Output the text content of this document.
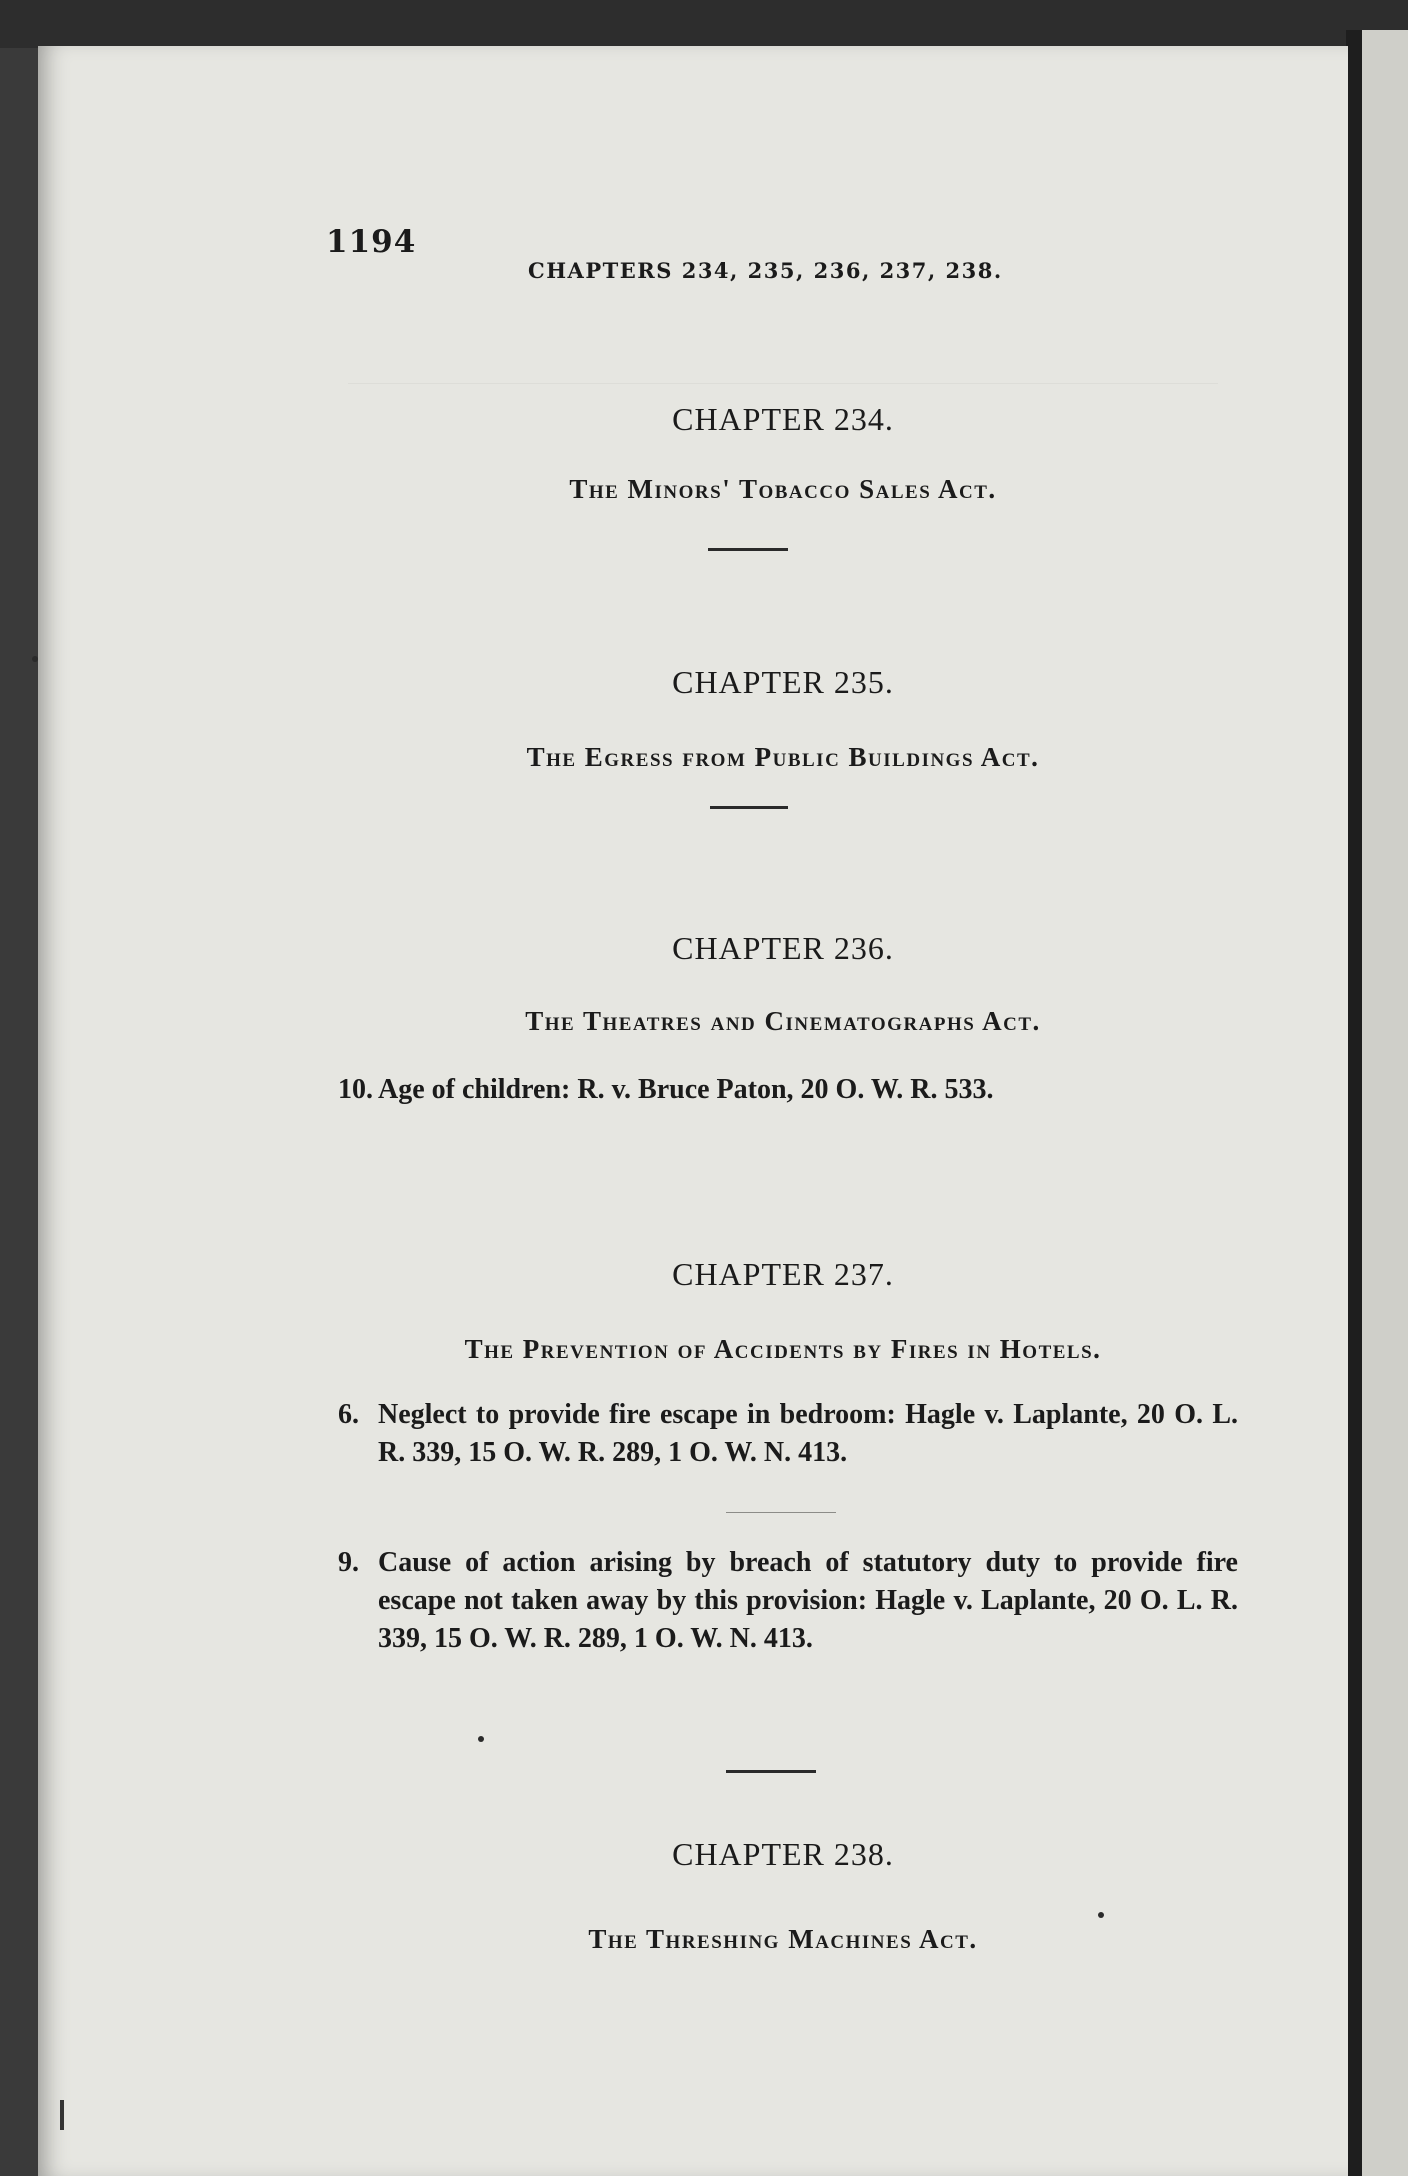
1194
CHAPTERS 234, 235, 236, 237, 238.
CHAPTER 234.
The Minors' Tobacco Sales Act.
CHAPTER 235.
The Egress from Public Buildings Act.
CHAPTER 236.
The Theatres and Cinematographs Act.
10. Age of children: R. v. Bruce Paton, 20 O. W. R. 533.
CHAPTER 237.
The Prevention of Accidents by Fires in Hotels.
6. Neglect to provide fire escape in bedroom: Hagle v. Laplante, 20 O. L. R. 339, 15 O. W. R. 289, 1 O. W. N. 413.
9. Cause of action arising by breach of statutory duty to provide fire escape not taken away by this provision: Hagle v. Laplante, 20 O. L. R. 339, 15 O. W. R. 289, 1 O. W. N. 413.
CHAPTER 238.
The Threshing Machines Act.
